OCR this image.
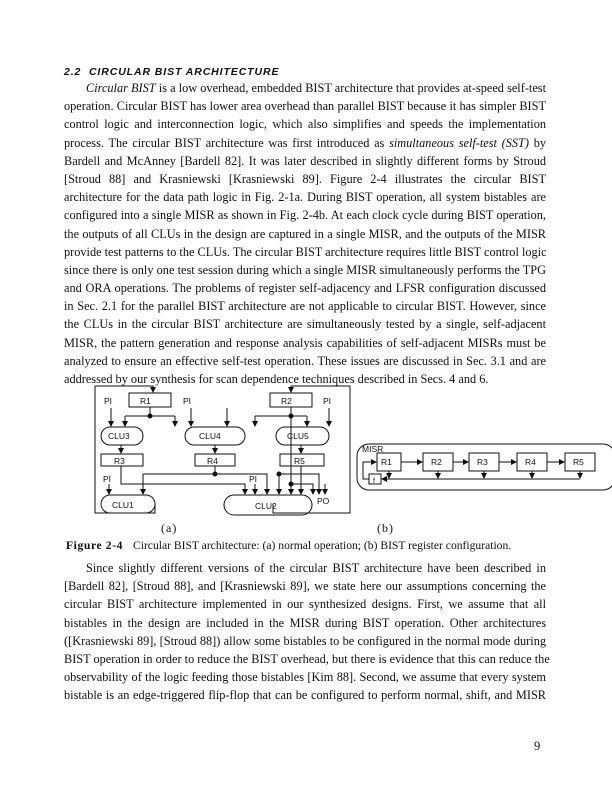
2.2 CIRCULAR BIST ARCHITECTURE
Circular BIST is a low overhead, embedded BIST architecture that provides at-speed self-test
operation. Circular BIST has lower area overhead than parallel BIST because it has simpler BIST
control logic and interconnection logic, which also simplifies and speeds the implementation
process. The circular BIST architecture was first introduced as simultaneous self-test (SST) by
Bardell and McAnney [Bardell 82]. It was later described in slightly different forms by Stroud
[Stroud 88] and Krasniewski [Krasniewski 89]. Figure 2-4 illustrates the circular BIST
architecture for the data path logic in Fig. 2-1a. During BIST operation, all system bistables are
configured into a single MISR as shown in Fig. 2-4b. At each clock cycle during BIST operation,
the outputs of all CLUs in the design are captured in a single MISR, and the outputs of the MISR
provide test patterns to the CLUs. The circular BIST architecture requires little BIST control logic
since there is only one test session during which a single MISR simultaneously performs the TPG
and ORA operations. The problems of register self-adjacency and LFSR configuration discussed
in Sec. 2.1 for the parallel BIST architecture are not applicable to circular BIST. However, since
the CLUs in the circular BIST architecture are simultaneously tested by a single, self-adjacent
MISR, the pattern generation and response analysis capabilities of self-adjacent MISRs must be
analyzed to ensure an effective self-test operation. These issues are discussed in Sec. 3.1 and are
addressed by our synthesis for scan dependence techniques described in Secs. 4 and 6.
PI	R1	PI	R2	PI
CLU3	CLU4	CLU5
R3	R4	R5
PI	PI
PO
CLU1	CLU2
MISR
R1	R2	R3	R4	R5
f
(a)	(b)
Figure 2-4 Circular BIST architecture: (a) normal operation; (b) BIST register configuration.
Since slightly different versions of the circular BIST architecture have been described in
[Bardell 82], [Stroud 88], and [Krasniewski 89], we state here our assumptions concerning the
circular BIST architecture implemented in our synthesized designs. First, we assume that all
bistables in the design are included in the MISR during BIST operation. Other architectures
([Krasniewski 89], [Stroud 88]) allow some bistables to be configured in the normal mode during
BIST operation in order to reduce the BIST overhead, but there is evidence that this can reduce the
observability of the logic feeding those bistables [Kim 88]. Second, we assume that every system
bistable is an edge-triggered flip-flop that can be configured to perform normal, shift, and MISR
9
